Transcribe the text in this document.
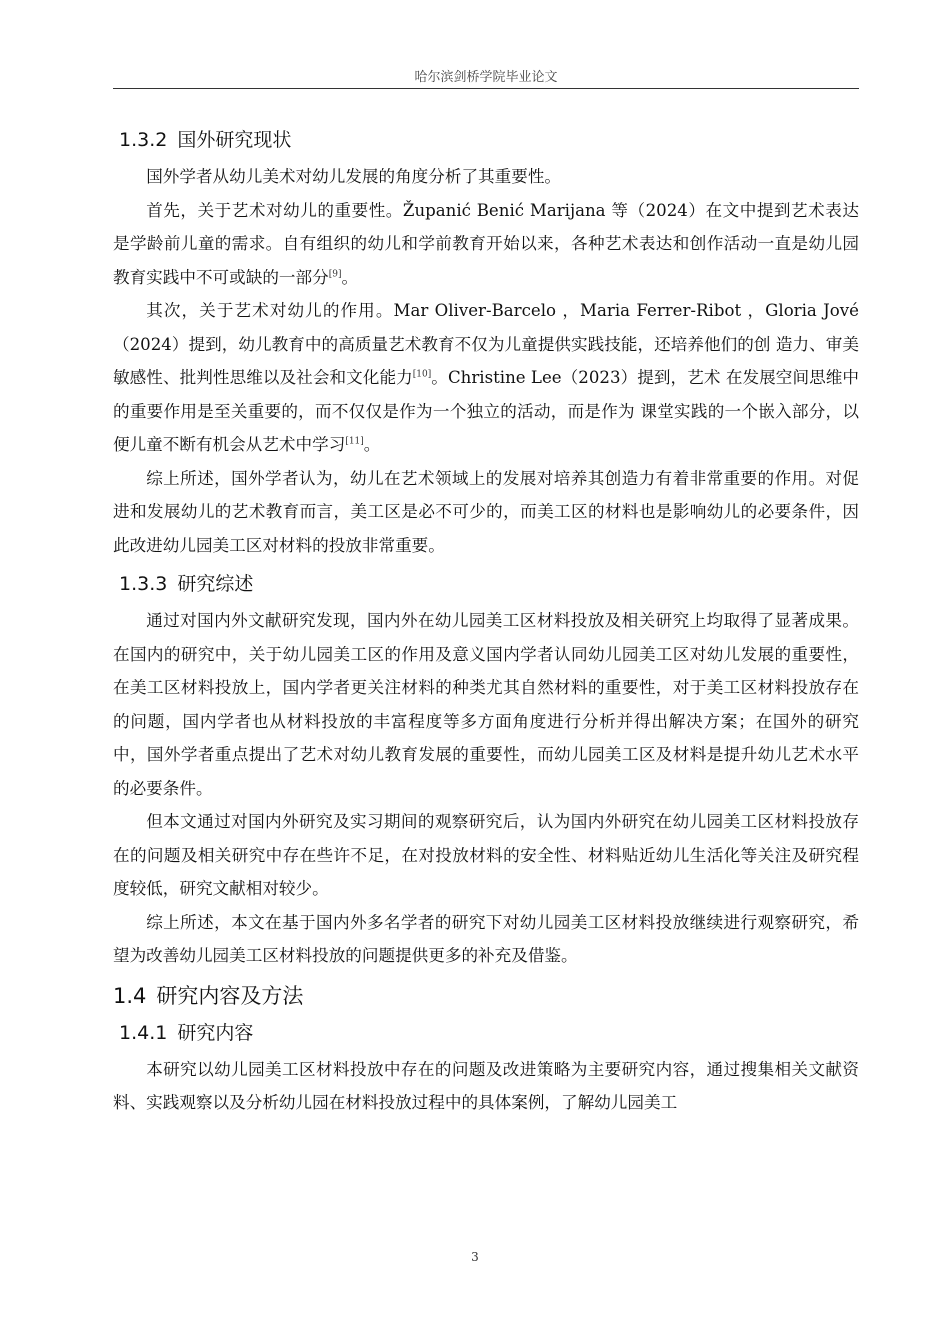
哈尔滨剑桥学院毕业论文
1.3.2 国外研究现状

国外学者从幼儿美术对幼儿发展的角度分析了其重要性。

首先，关于艺术对幼儿的重要性。Županić Benić Marijana 等（2024）在文中提到艺术表达是学龄前儿童的需求。自有组织的幼儿和学前教育开始以来，各种艺术表达和创作活动一直是幼儿园教育实践中不可或缺的一部分[9]。

其次，关于艺术对幼儿的作用。Mar Oliver-Barcelo ，Maria Ferrer-Ribot ，Gloria Jové （2024）提到，幼儿教育中的高质量艺术教育不仅为儿童提供实践技能，还培养他们的创 造力、审美敏感性、批判性思维以及社会和文化能力[10]。Christine Lee（2023）提到，艺术 在发展空间思维中的重要作用是至关重要的，而不仅仅是作为一个独立的活动，而是作为 课堂实践的一个嵌入部分，以便儿童不断有机会从艺术中学习[11]。

综上所述，国外学者认为，幼儿在艺术领域上的发展对培养其创造力有着非常重要的作用。对促进和发展幼儿的艺术教育而言，美工区是必不可少的，而美工区的材料也是影响幼儿的必要条件，因此改进幼儿园美工区对材料的投放非常重要。

1.3.3 研究综述

通过对国内外文献研究发现，国内外在幼儿园美工区材料投放及相关研究上均取得了显著成果。在国内的研究中，关于幼儿园美工区的作用及意义国内学者认同幼儿园美工区对幼儿发展的重要性，在美工区材料投放上，国内学者更关注材料的种类尤其自然材料的重要性，对于美工区材料投放存在的问题，国内学者也从材料投放的丰富程度等多方面角度进行分析并得出解决方案；在国外的研究中，国外学者重点提出了艺术对幼儿教育发展的重要性，而幼儿园美工区及材料是提升幼儿艺术水平的必要条件。

但本文通过对国内外研究及实习期间的观察研究后，认为国内外研究在幼儿园美工区材料投放存在的问题及相关研究中存在些许不足，在对投放材料的安全性、材料贴近幼儿生活化等关注及研究程度较低，研究文献相对较少。

综上所述，本文在基于国内外多名学者的研究下对幼儿园美工区材料投放继续进行观察研究，希望为改善幼儿园美工区材料投放的问题提供更多的补充及借鉴。

1.4 研究内容及方法
1.4.1 研究内容

本研究以幼儿园美工区材料投放中存在的问题及改进策略为主要研究内容，通过搜集相关文献资料、实践观察以及分析幼儿园在材料投放过程中的具体案例，了解幼儿园美工

3
